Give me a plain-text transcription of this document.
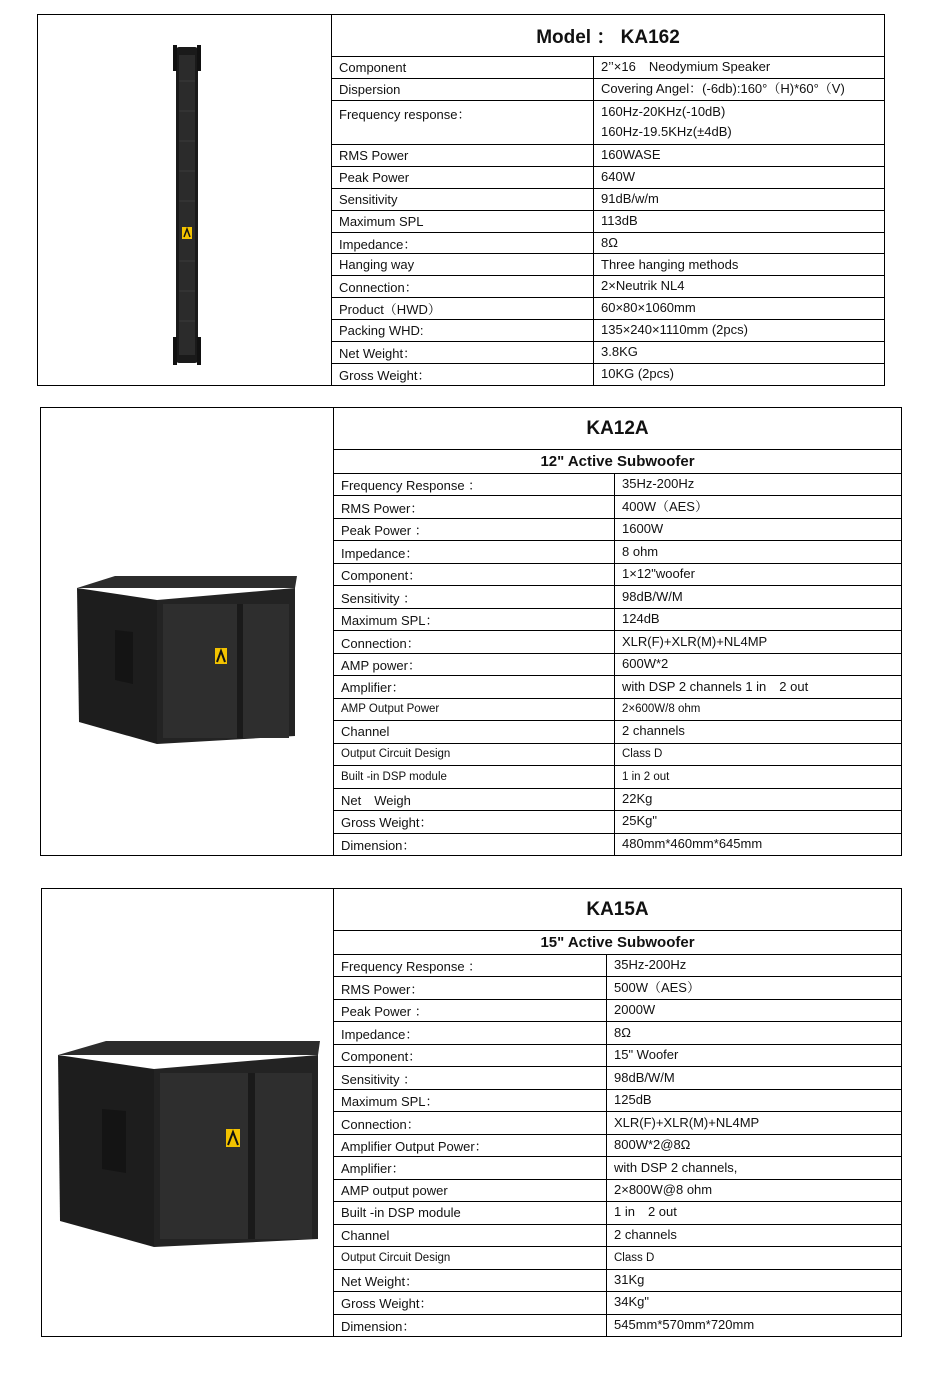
Model ： KA162
Component	2’’×16　Neodymium Speaker
Dispersion	Covering Angel：(-6db):160°（H)*60°（V)
Frequency response：	160Hz-20KHz(-10dB)
160Hz-19.5KHz(±4dB)
RMS Power	160WASE
Peak Power	640W
Sensitivity	91dB/w/m
Maximum SPL	113dB
Impedance：	8Ω
Hanging way	Three hanging methods
Connection：	2×Neutrik NL4
Product（HWD）	60×80×1060mm
Packing WHD:	135×240×1110mm (2pcs)
Net Weight：	3.8KG
Gross Weight：	10KG (2pcs)
KA12A
12" Active Subwoofer
Frequency Response ：	35Hz-200Hz
RMS Power：	400W（AES）
Peak Power ：	1600W
Impedance：	8 ohm
Component：	1×12"woofer
Sensitivity ：	98dB/W/M
Maximum SPL：	124dB
Connection：	XLR(F)+XLR(M)+NL4MP
AMP power：	600W*2
Amplifier：	with DSP 2 channels 1 in　2 out
AMP Output Power	2×600W/8 ohm
Channel	2 channels
Output Circuit Design	Class D
Built -in DSP module	1 in 2 out
Net　Weigh	22Kg
Gross Weight：	25Kg"
Dimension：	480mm*460mm*645mm
KA15A
15" Active Subwoofer
Frequency Response ：	35Hz-200Hz
RMS Power：	500W（AES）
Peak Power ：	2000W
Impedance：	8Ω
Component：	15" Woofer
Sensitivity ：	98dB/W/M
Maximum SPL：	125dB
Connection：	XLR(F)+XLR(M)+NL4MP
Amplifier Output Power：	800W*2@8Ω
Amplifier：	with DSP 2 channels,
AMP output power	2×800W@8 ohm
Built -in DSP module	1 in　2 out
Channel	2 channels
Output Circuit Design	Class D
Net Weight：	31Kg
Gross Weight：	34Kg"
Dimension：	545mm*570mm*720mm
